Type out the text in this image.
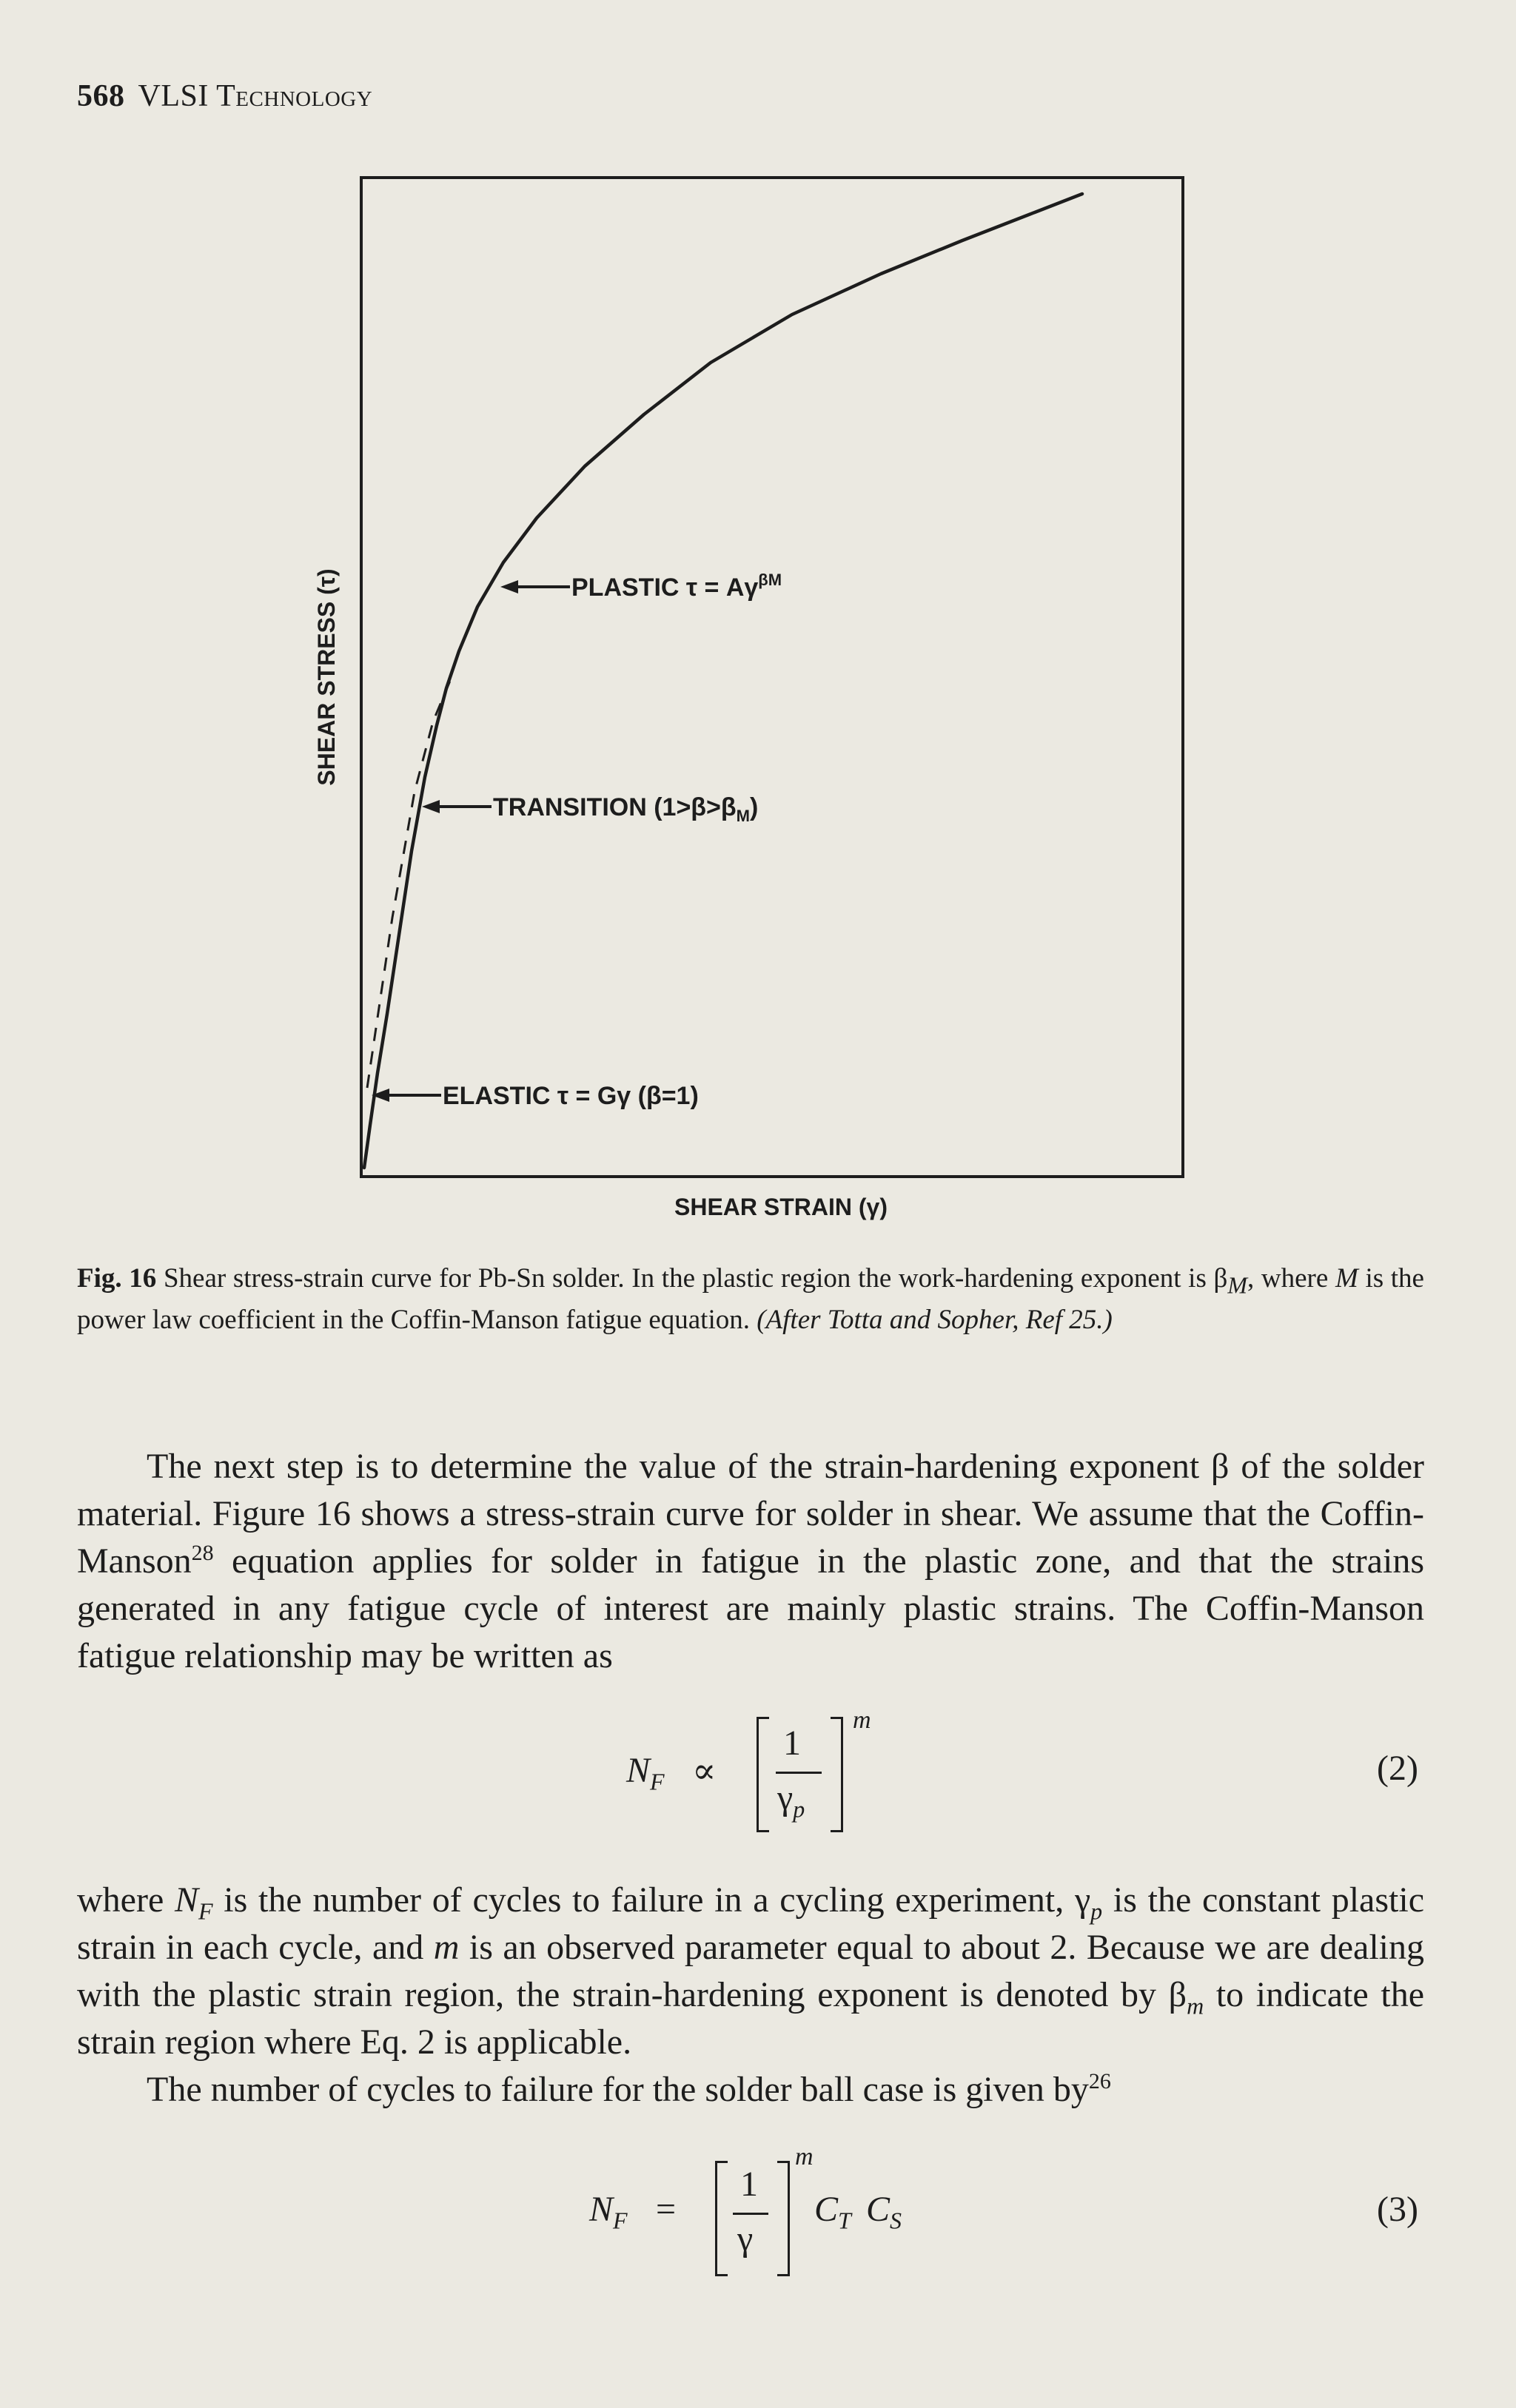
568 VLSI Technology
SHEAR STRESS (τ)
SHEAR STRAIN (γ)
PLASTIC $\tau = A\gamma^{\beta M}$
TRANSITION $(1>\beta>\beta_M)$
ELASTIC τ = Gγ (β=1)
Fig. 16 Shear stress-strain curve for Pb-Sn solder. In the plastic region the work-hardening exponent is $\beta_M$, where M is the power law coefficient in the Coffin-Manson fatigue equation. (After Totta and Sopher, Ref 25.)

The next step is to determine the value of the strain-hardening exponent β of the solder material. Figure 16 shows a stress-strain curve for solder in shear. We assume that the Coffin-Manson$^{28}$ equation applies for solder in fatigue in the plastic zone, and that the strains generated in any fatigue cycle of interest are mainly plastic strains. The Coffin-Manson fatigue relationship may be written as

$N_F$ ∝
1
$\gamma_p$
m
(2)

where $N_F$ is the number of cycles to failure in a cycling experiment, $\gamma_p$ is the constant plastic strain in each cycle, and m is an observed parameter equal to about 2. Because we are dealing with the plastic strain region, the strain-hardening exponent is denoted by $\beta_m$ to indicate the strain region where Eq. 2 is applicable.

The number of cycles to failure for the solder ball case is given $by^{26}$

$N_F$ =
1
γ
m
$C_T$ $C_S$	(3)
